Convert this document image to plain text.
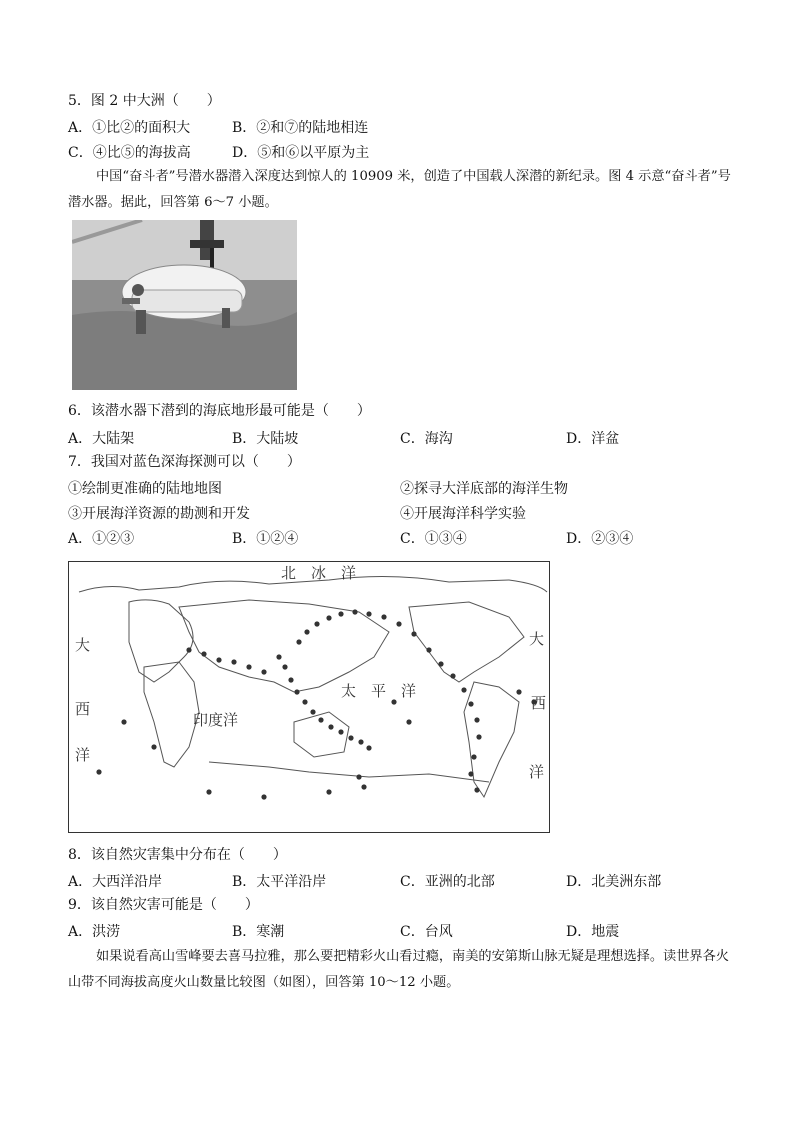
5．图 2 中大洲（　　）
A．①比②的面积大	B．②和⑦的陆地相连
C．④比⑤的海拔高	D．⑤和⑥以平原为主
中国“奋斗者”号潜水器潜入深度达到惊人的 10909 米，创造了中国载人深潜的新纪录。图 4 示意“奋斗者”号潜水器。据此，回答第 6～7 小题。
6．该潜水器下潜到的海底地形最可能是（　　）
A．大陆架	B．大陆坡	C．海沟	D．洋盆
7．我国对蓝色深海探测可以（　　）
①绘制更准确的陆地地图	②探寻大洋底部的海洋生物
③开展海洋资源的勘测和开发	④开展海洋科学实验
A．①②③	B．①②④	C．①③④	D．②③④
北　冰　洋
大
西
洋
大
西
洋
太　平　洋
印度洋
8．该自然灾害集中分布在（　　）
A．大西洋沿岸	B．太平洋沿岸	C．亚洲的北部	D．北美洲东部
9．该自然灾害可能是（　　）
A．洪涝	B．寒潮	C．台风	D．地震
如果说看高山雪峰要去喜马拉雅，那么要把精彩火山看过瘾，南美的安第斯山脉无疑是理想选择。读世界各火山带不同海拔高度火山数量比较图（如图），回答第 10～12 小题。
